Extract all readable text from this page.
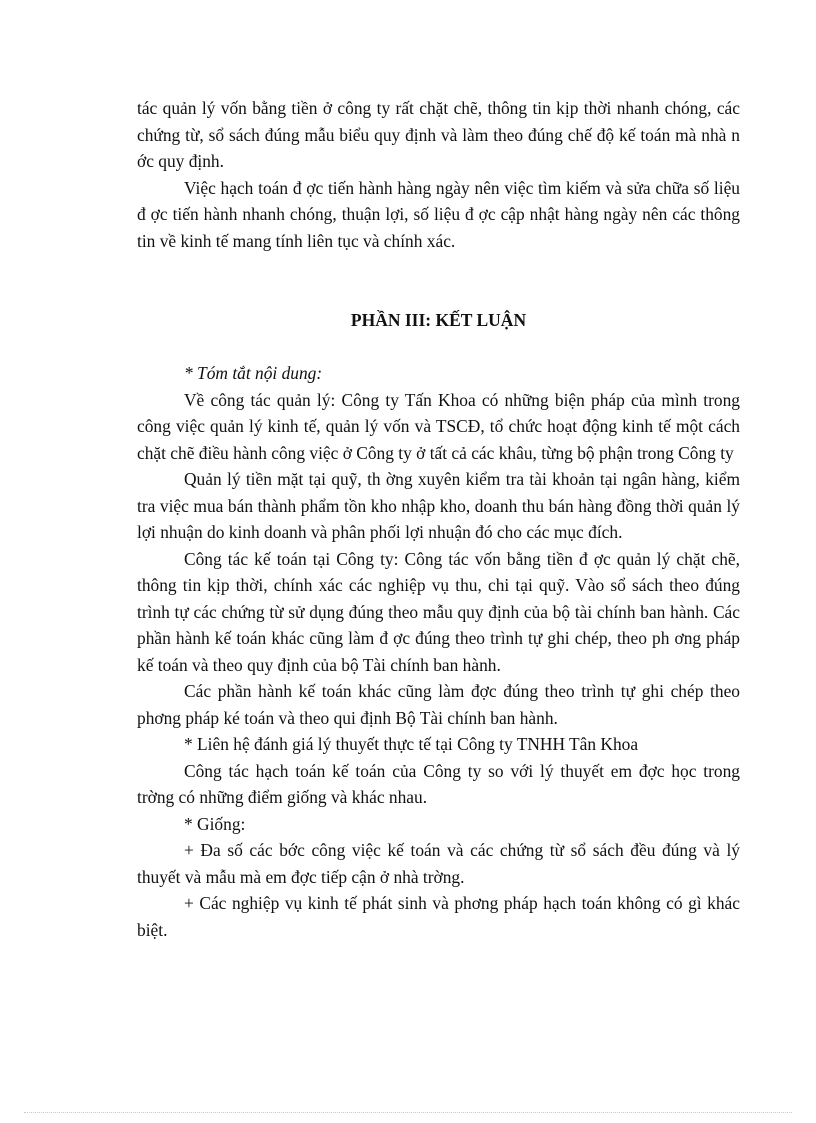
tác quản lý vốn bằng tiền ở công ty rất chặt chẽ, thông tin kịp thời nhanh chóng, các chứng từ, sổ sách đúng mẫu biểu quy định và làm theo đúng chế độ kế toán mà nhà n ớc quy định.

Việc hạch toán đ ợc tiến hành hàng ngày nên việc tìm kiếm và sửa chữa số liệu đ ợc tiến hành nhanh chóng, thuận lợi, số liệu đ ợc cập nhật hàng ngày nên các thông tin về kinh tế mang tính liên tục và chính xác.

PHẦN III: KẾT LUẬN

* Tóm tắt nội dung:

Về công tác quản lý: Công ty Tấn Khoa có những biện pháp của mình trong công việc quản lý kinh tế, quản lý vốn và TSCĐ, tổ chức hoạt động kinh tế một cách chặt chẽ điều hành công việc ở Công ty ở tất cả các khâu, từng bộ phận trong Công ty

Quản lý tiền mặt tại quỹ, th ờng xuyên kiểm tra tài khoản tại ngân hàng, kiểm tra việc mua bán thành phẩm tồn kho nhập kho, doanh thu bán hàng đồng thời quản lý lợi nhuận do kinh doanh và phân phối lợi nhuận đó cho các mục đích.

Công tác kế toán tại Công ty: Công tác vốn bằng tiền đ ợc quản lý chặt chẽ, thông tin kịp thời, chính xác các nghiệp vụ thu, chi tại quỹ. Vào sổ sách theo đúng trình tự các chứng từ sử dụng đúng theo mẫu quy định của bộ tài chính ban hành. Các phần hành kế toán khác cũng làm đ ợc đúng theo trình tự ghi chép, theo ph ơng pháp kế toán và theo quy định của bộ Tài chính ban hành.

Các phần hành kế toán khác cũng làm đợc đúng theo trình tự ghi chép theo phơng pháp ké toán và theo qui định Bộ Tài chính ban hành.

* Liên hệ đánh giá lý thuyết thực tế tại Công ty TNHH Tân Khoa

Công tác hạch toán kế toán của Công ty so với lý thuyết em đợc học trong trờng có những điểm giống và khác nhau.

* Giống:

+ Đa số các bớc công việc kế toán và các chứng từ sổ sách đều đúng và lý thuyết và mẫu mà em đợc tiếp cận ở nhà trờng.

+ Các nghiệp vụ kinh tế phát sinh và phơng pháp hạch toán không có gì khác biệt.
